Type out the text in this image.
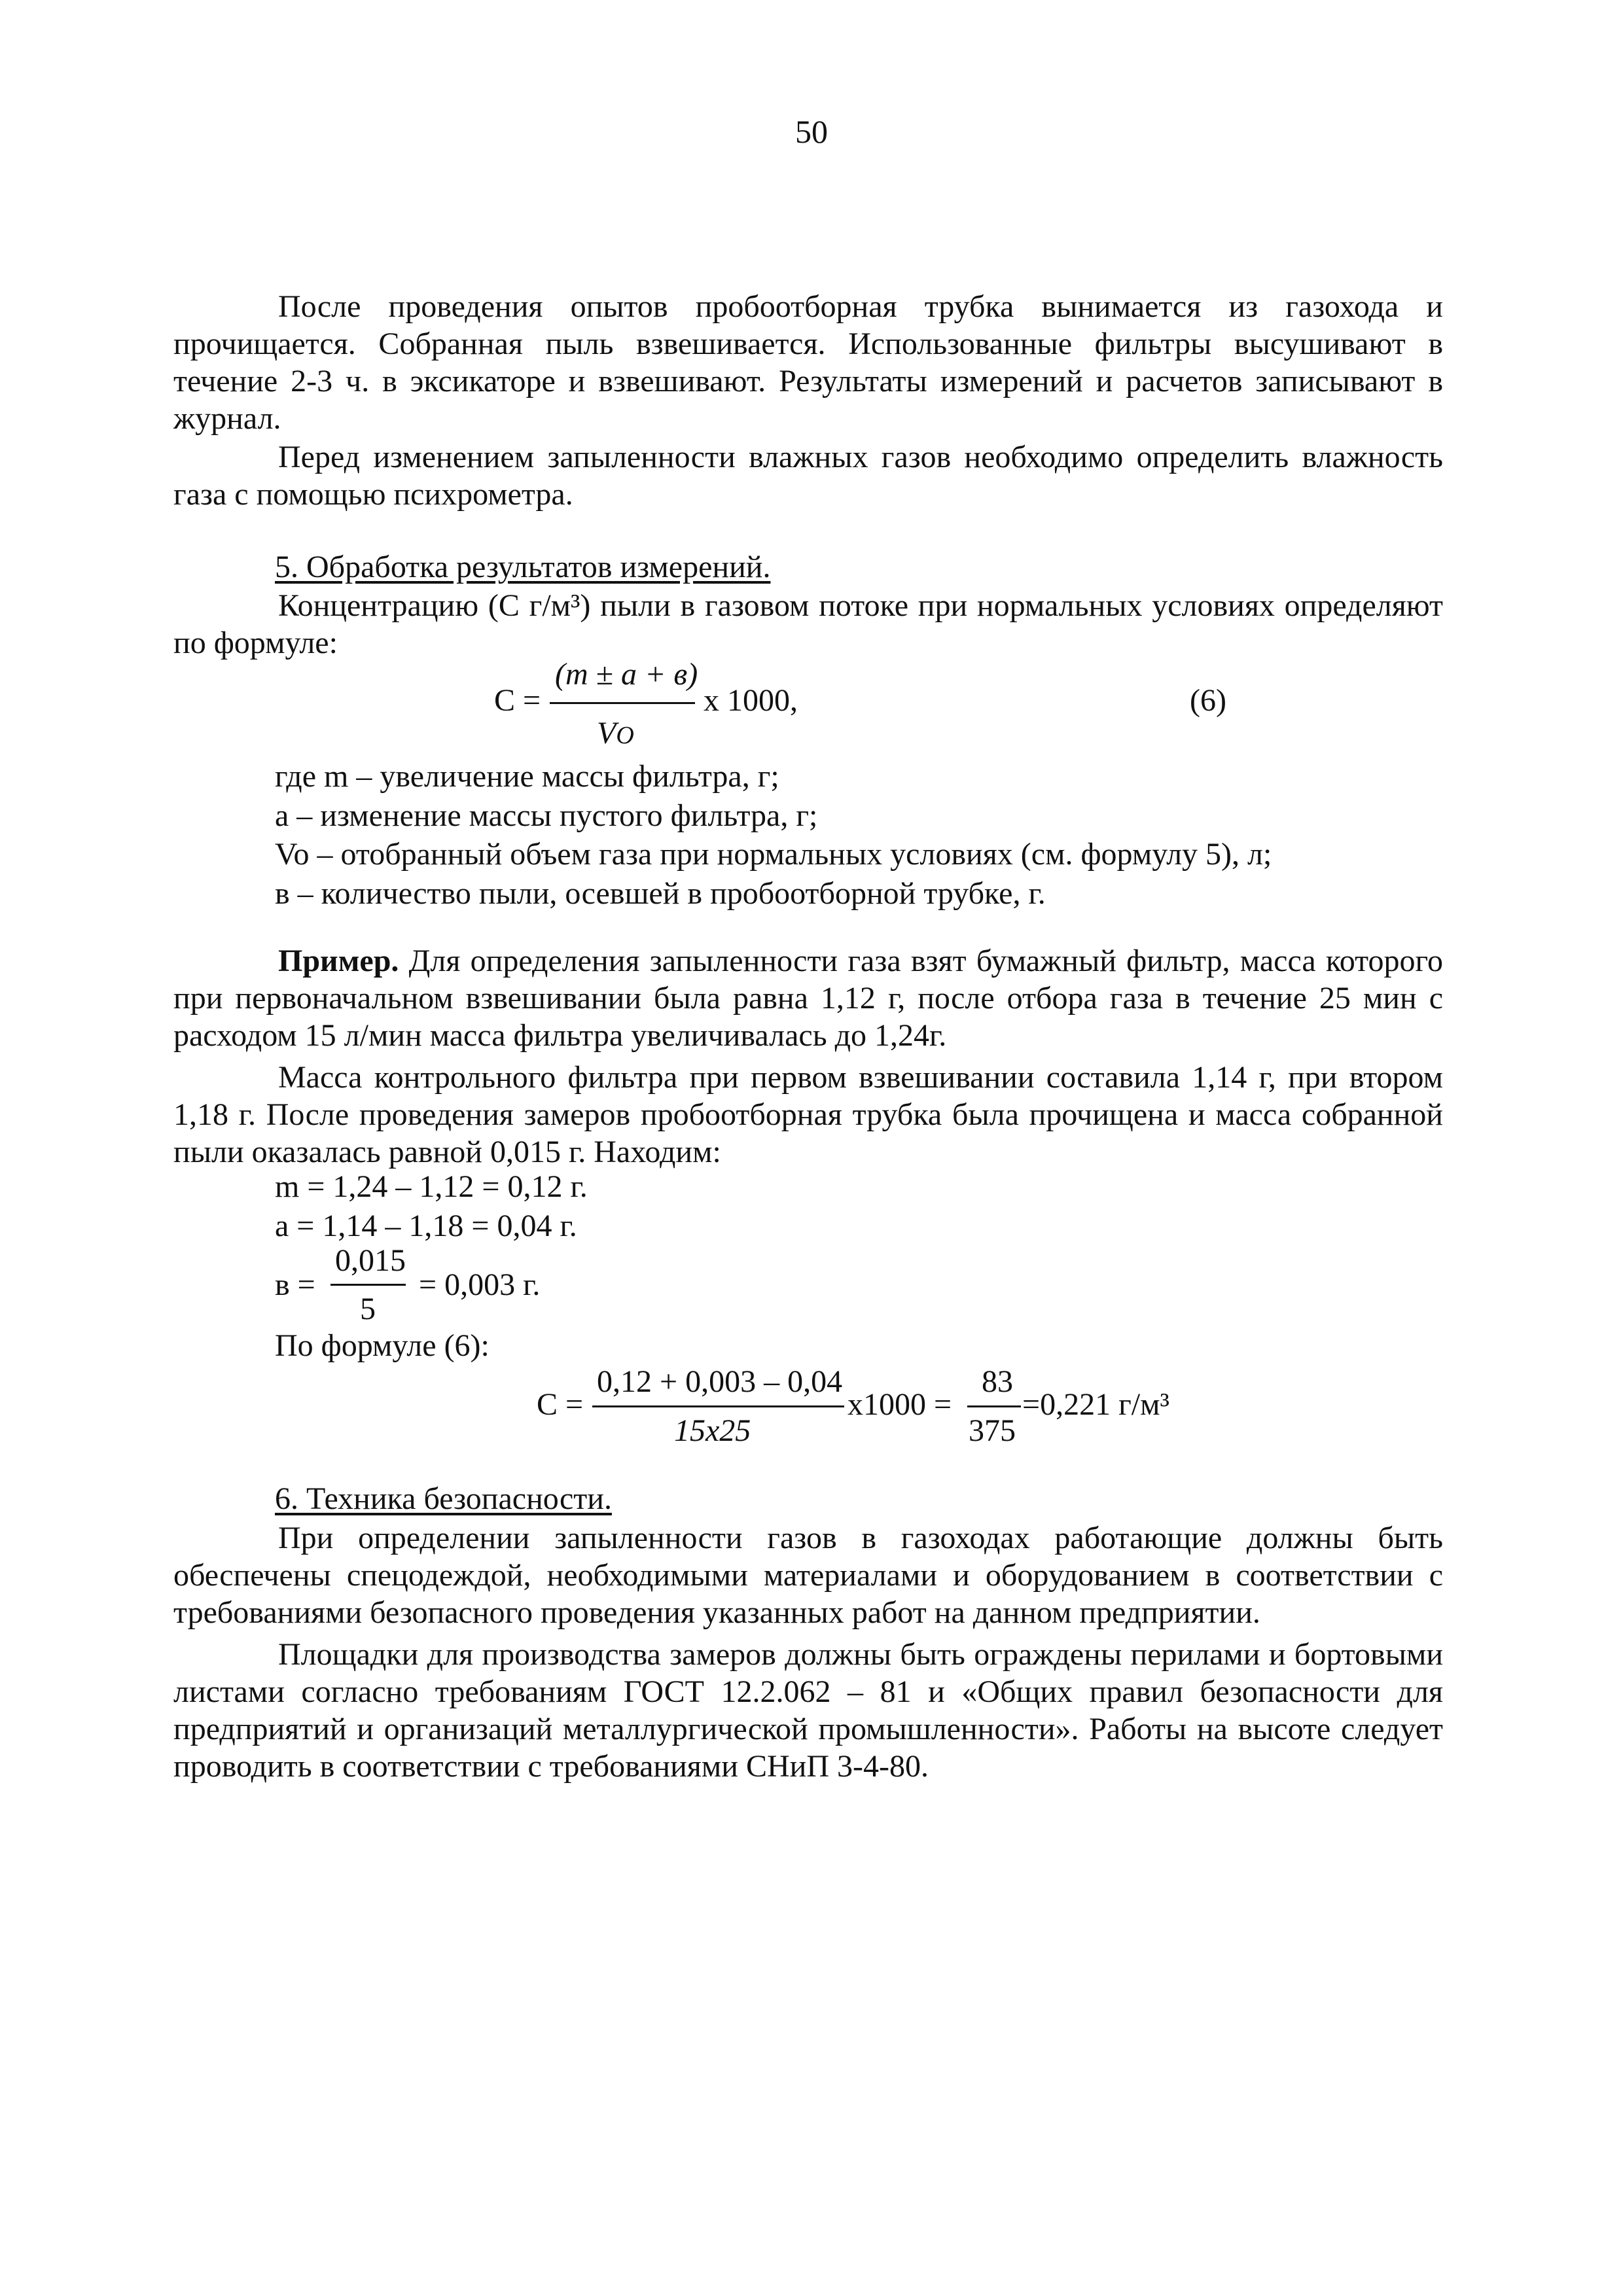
50
После проведения опытов пробоотборная трубка вынимается из газохода и прочищается. Собранная пыль взвешивается. Использованные фильтры высушивают в течение 2-3 ч. в эксикаторе и взвешивают. Результаты измерений и расчетов записывают в журнал.
Перед изменением запыленности влажных газов необходимо определить влажность газа с помощью психрометра.
5. Обработка результатов измерений.
Концентрацию (С г/м³) пыли в газовом потоке при нормальных условиях определяют по формуле:
С =
(m ± a + в)
VO
х 1000,	(6)
где m – увеличение массы фильтра, г;
а – изменение массы пустого фильтра, г;
Vo – отобранный объем газа при нормальных условиях (см. формулу 5), л;
в – количество пыли, осевшей в пробоотборной трубке, г.
Пример. Для определения запыленности газа взят бумажный фильтр, масса которого при первоначальном взвешивании была равна 1,12 г, после отбора газа в течение 25 мин с расходом 15 л/мин масса фильтра увеличивалась до 1,24г.
Масса контрольного фильтра при первом взвешивании составила 1,14 г, при втором 1,18 г. После проведения замеров пробоотборная трубка была прочищена и масса собранной пыли оказалась равной 0,015 г. Находим:
m = 1,24 – 1,12 = 0,12 г.
а = 1,14 – 1,18 = 0,04 г.
в =
0,015
5
= 0,003 г.
По формуле (6):
С =
0,12 + 0,003 – 0,04
15х25
х1000 =
83
375
=0,221 г/м³
6. Техника безопасности.
При определении запыленности газов в газоходах работающие должны быть обеспечены спецодеждой, необходимыми материалами и оборудованием в соответствии с требованиями безопасного проведения указанных работ на данном предприятии.
Площадки для производства замеров должны быть ограждены перилами и бортовыми листами согласно требованиям ГОСТ 12.2.062 – 81 и «Общих правил безопасности для предприятий и организаций металлургической промышленности». Работы на высоте следует проводить в соответствии с требованиями СНиП 3-4-80.
